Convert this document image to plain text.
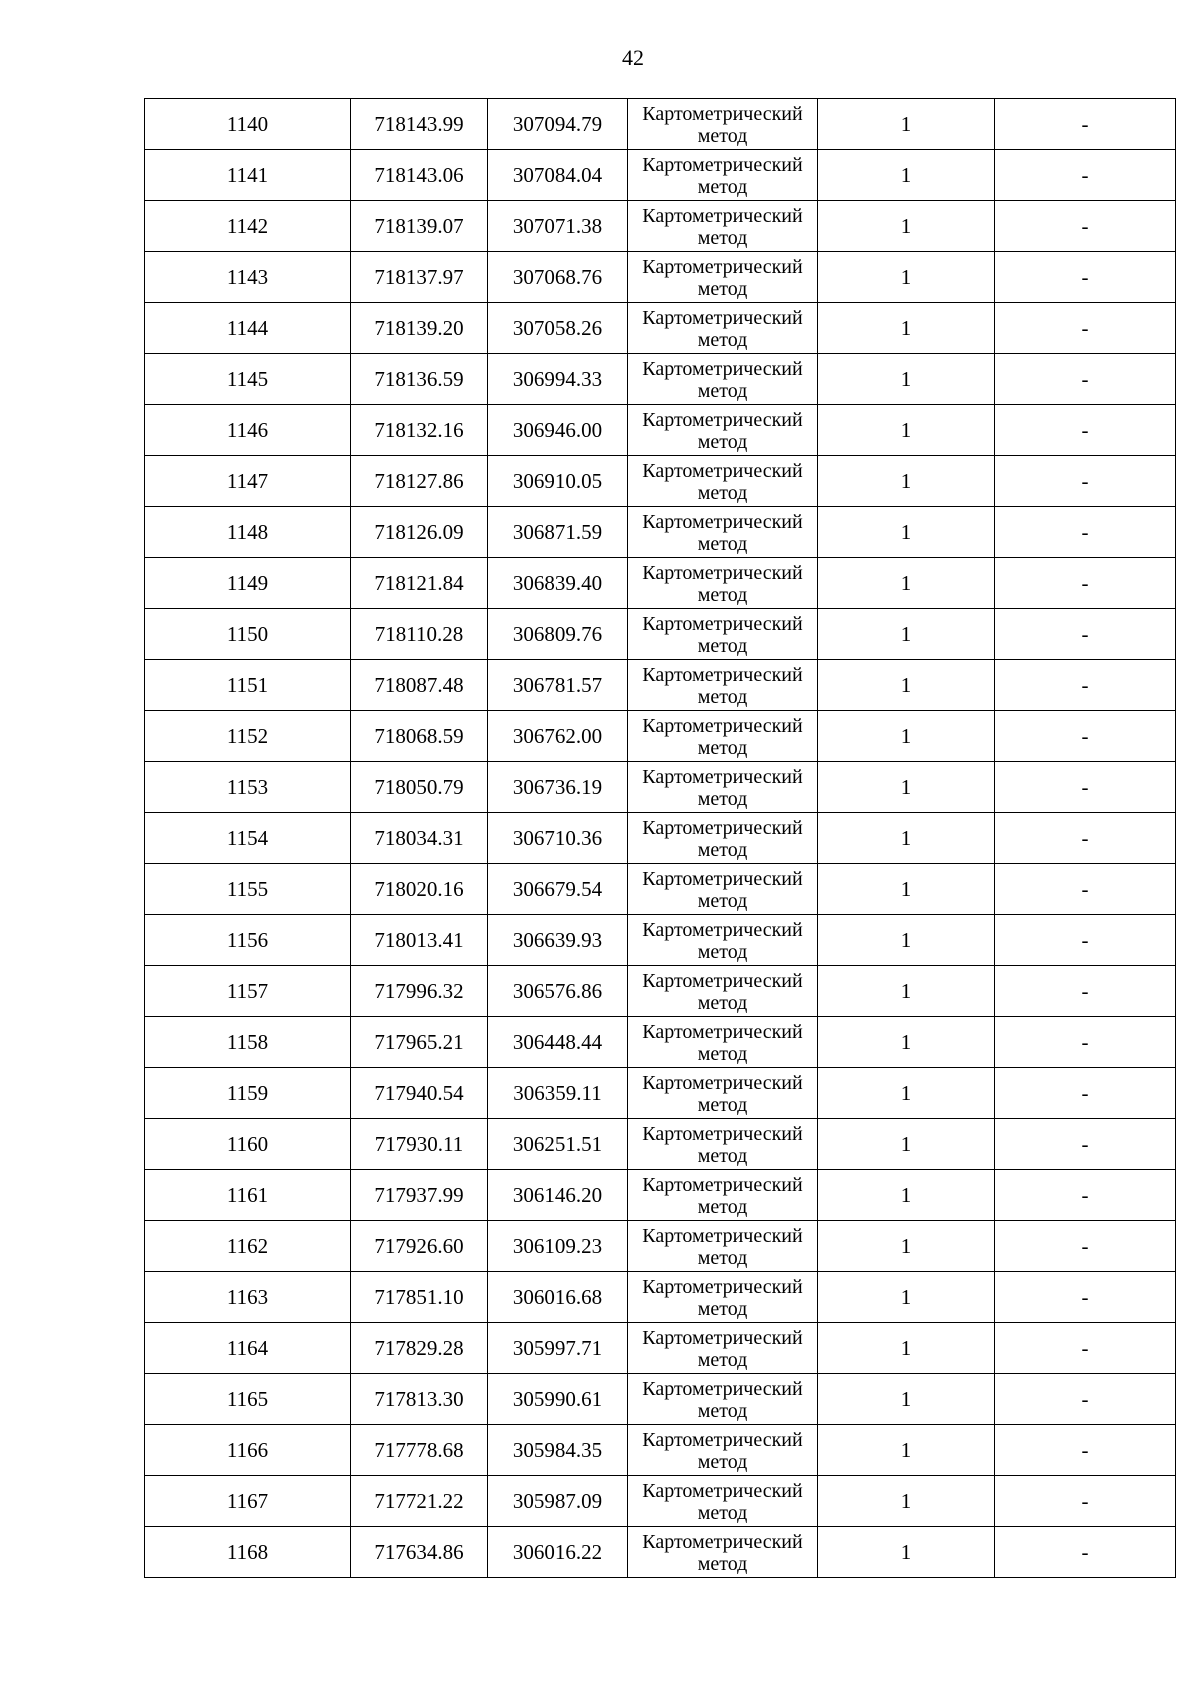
42
1140	718143.99	307094.79	Картометрический
метод	1	-
1141	718143.06	307084.04	Картометрический
метод	1	-
1142	718139.07	307071.38	Картометрический
метод	1	-
1143	718137.97	307068.76	Картометрический
метод	1	-
1144	718139.20	307058.26	Картометрический
метод	1	-
1145	718136.59	306994.33	Картометрический
метод	1	-
1146	718132.16	306946.00	Картометрический
метод	1	-
1147	718127.86	306910.05	Картометрический
метод	1	-
1148	718126.09	306871.59	Картометрический
метод	1	-
1149	718121.84	306839.40	Картометрический
метод	1	-
1150	718110.28	306809.76	Картометрический
метод	1	-
1151	718087.48	306781.57	Картометрический
метод	1	-
1152	718068.59	306762.00	Картометрический
метод	1	-
1153	718050.79	306736.19	Картометрический
метод	1	-
1154	718034.31	306710.36	Картометрический
метод	1	-
1155	718020.16	306679.54	Картометрический
метод	1	-
1156	718013.41	306639.93	Картометрический
метод	1	-
1157	717996.32	306576.86	Картометрический
метод	1	-
1158	717965.21	306448.44	Картометрический
метод	1	-
1159	717940.54	306359.11	Картометрический
метод	1	-
1160	717930.11	306251.51	Картометрический
метод	1	-
1161	717937.99	306146.20	Картометрический
метод	1	-
1162	717926.60	306109.23	Картометрический
метод	1	-
1163	717851.10	306016.68	Картометрический
метод	1	-
1164	717829.28	305997.71	Картометрический
метод	1	-
1165	717813.30	305990.61	Картометрический
метод	1	-
1166	717778.68	305984.35	Картометрический
метод	1	-
1167	717721.22	305987.09	Картометрический
метод	1	-
1168	717634.86	306016.22	Картометрический
метод	1	-
